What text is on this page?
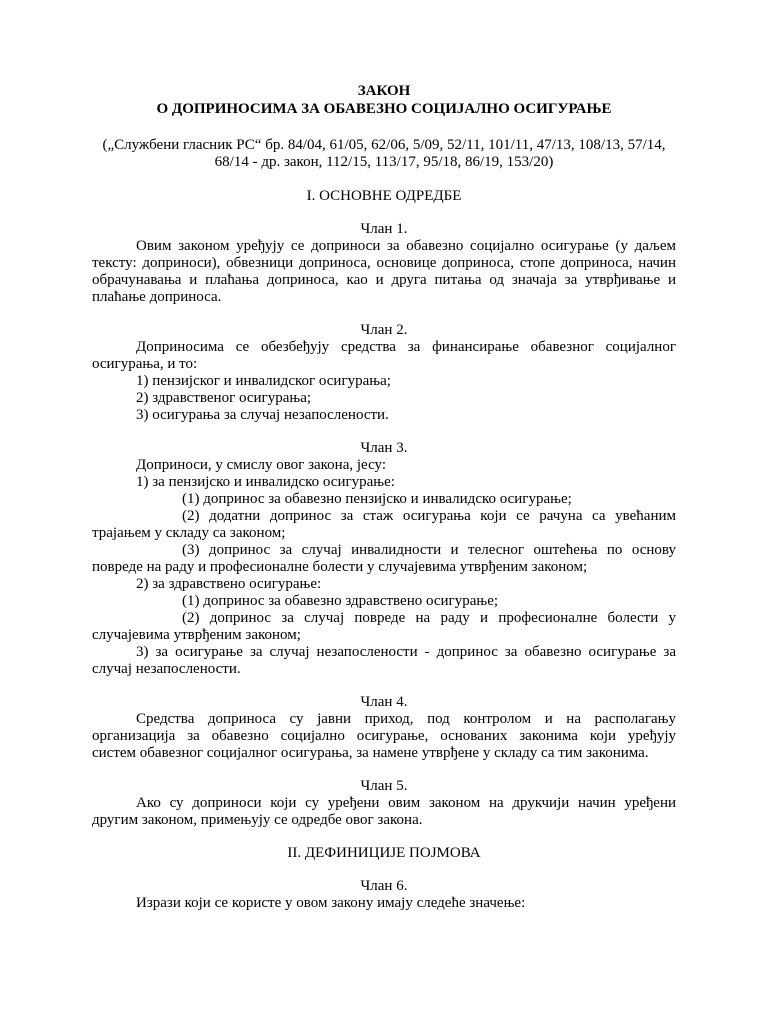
ЗАКОН
О ДОПРИНОСИМА ЗА ОБАВЕЗНО СОЦИЈАЛНО ОСИГУРАЊЕ
(„Службени гласник РС“ бр. 84/04, 61/05, 62/06, 5/09, 52/11, 101/11, 47/13, 108/13, 57/14,
68/14 - др. закон, 112/15, 113/17, 95/18, 86/19, 153/20)
I. ОСНОВНЕ ОДРЕДБЕ
Члан 1.
Овим законом уређују се доприноси за обавезно социјално осигурање (у даљем
тексту: доприноси), обвезници доприноса, основице доприноса, стопе доприноса, начин
обрачунавања и плаћања доприноса, као и друга питања од значаја за утврђивање и
плаћање доприноса.
Члан 2.
Доприносима се обезбеђују средства за финансирање обавезног социјалног
осигурања, и то:
1) пензијског и инвалидског осигурања;
2) здравственог осигурања;
3) осигурања за случај незапослености.
Члан 3.
Доприноси, у смислу овог закона, јесу:
1) за пензијско и инвалидско осигурање:
(1) допринос за обавезно пензијско и инвалидско осигурање;
(2) додатни допринос за стаж осигурања који се рачуна са увећаним
трајањем у складу са законом;
(3) допринос за случај инвалидности и телесног оштећења по основу
повреде на раду и професионалне болести у случајевима утврђеним законом;
2) за здравствено осигурање:
(1) допринос за обавезно здравствено осигурање;
(2) допринос за случај повреде на раду и професионалне болести у
случајевима утврђеним законом;
3) за осигурање за случај незапослености - допринос за обавезно осигурање за
случај незапослености.
Члан 4.
Средства доприноса су јавни приход, под контролом и на располагању
организација за обавезно социјално осигурање, основаних законима који уређују
систем обавезног социјалног осигурања, за намене утврђене у складу са тим законима.
Члан 5.
Ако су доприноси који су уређени овим законом на друкчији начин уређени
другим законом, примењују се одредбе овог закона.
II. ДЕФИНИЦИЈЕ ПОЈМОВА
Члан 6.
Изрази који се користе у овом закону имају следеће значење:
